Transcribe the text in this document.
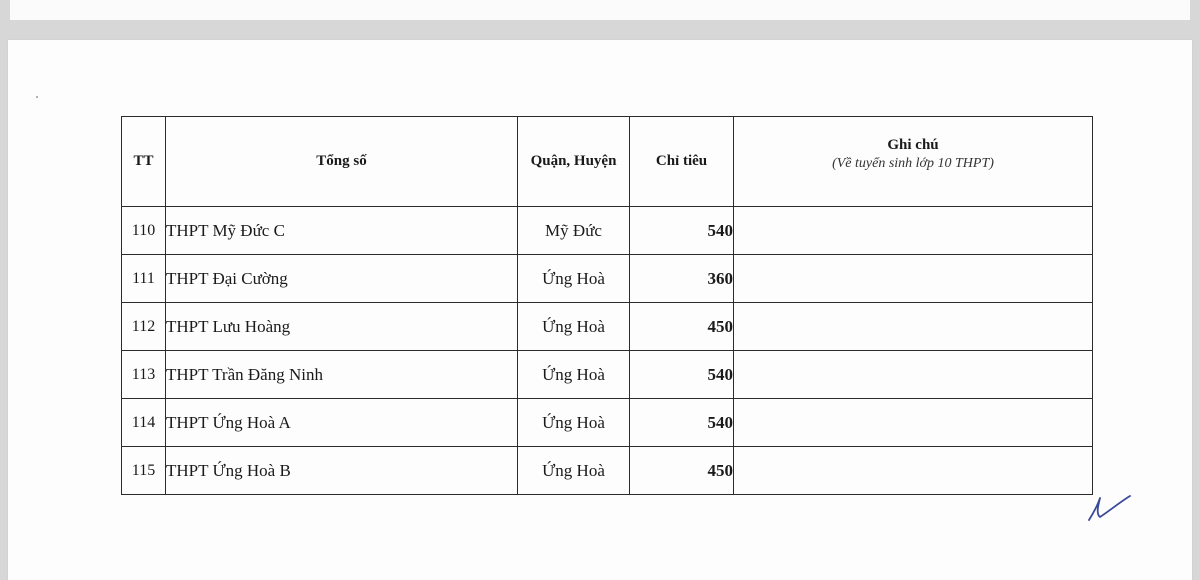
TT	Tổng số	Quận, Huyện	Chỉ tiêu	Ghi chú
(Về tuyển sinh lớp 10 THPT)

110	THPT Mỹ Đức C	Mỹ Đức	540	
111	THPT Đại Cường	Ứng Hoà	360	
112	THPT Lưu Hoàng	Ứng Hoà	450	
113	THPT Trần Đăng Ninh	Ứng Hoà	540	
114	THPT Ứng Hoà A	Ứng Hoà	540	
115	THPT Ứng Hoà B	Ứng Hoà	450	
